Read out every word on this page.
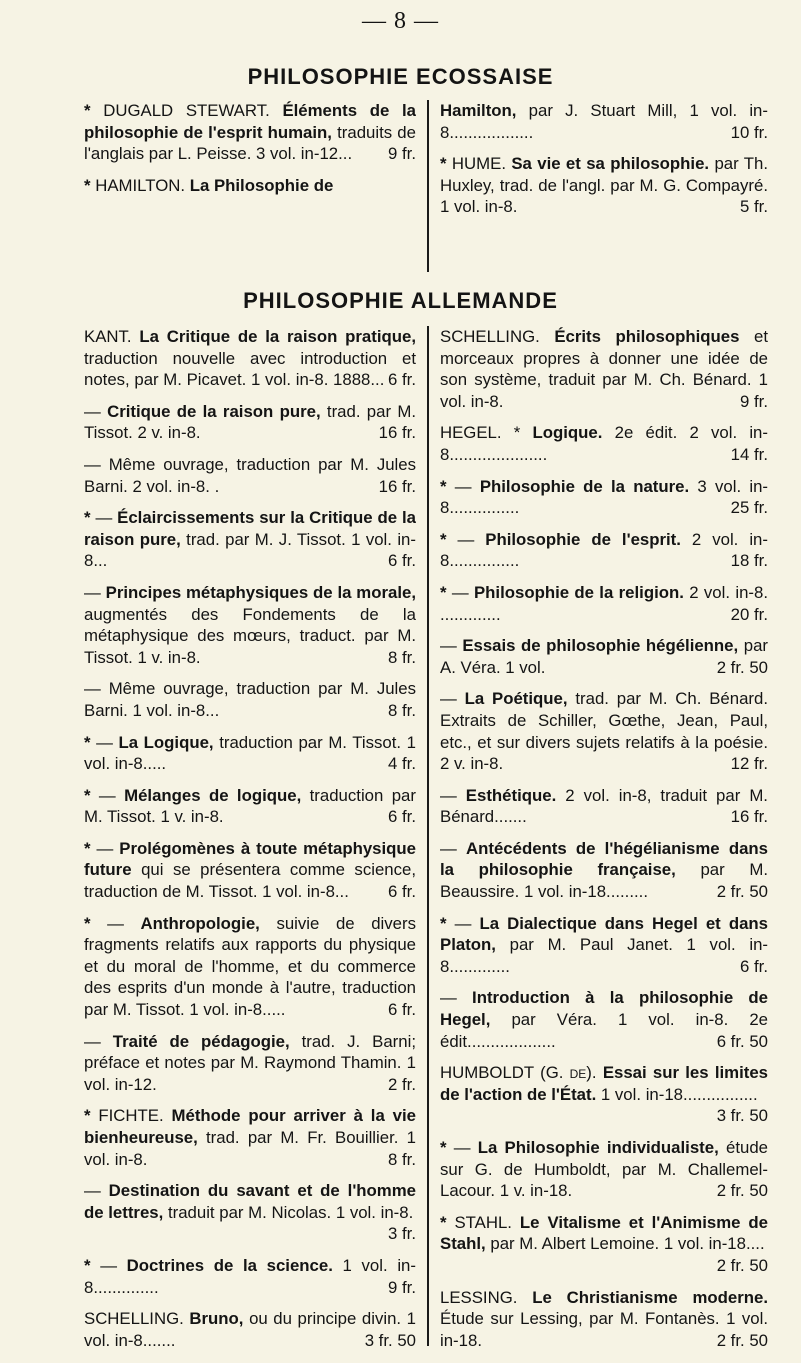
— 8 —
PHILOSOPHIE ECOSSAISE
* DUGALD STEWART. Éléments de la philosophie de l'esprit humain, traduits de l'anglais par L. Peisse. 3 vol. in-12... 9 fr.
* HAMILTON. La Philosophie de
Hamilton, par J. Stuart Mill, 1 vol. in-8..................	10 fr.
* HUME. Sa vie et sa philosophie. par Th. Huxley, trad. de l'angl. par M. G. Compayré. 1 vol. in-8.	5 fr.
PHILOSOPHIE ALLEMANDE
KANT. La Critique de la raison pratique, traduction nouvelle avec introduction et notes, par M. Picavet. 1 vol. in-8. 1888... 6 fr.
— Critique de la raison pure, trad. par M. Tissot. 2 v. in-8.	16 fr.
— Même ouvrage, traduction par M. Jules Barni. 2 vol. in-8. .	16 fr.
* — Éclaircissements sur la Critique de la raison pure, trad. par M. J. Tissot. 1 vol. in-8...	6 fr.
— Principes métaphysiques de la morale, augmentés des Fondements de la métaphysique des mœurs, traduct. par M. Tissot. 1 v. in-8.	8 fr.
— Même ouvrage, traduction par M. Jules Barni. 1 vol. in-8...	8 fr.
* — La Logique, traduction par M. Tissot. 1 vol. in-8.....	4 fr.
* — Mélanges de logique, traduction par M. Tissot. 1 v. in-8.	6 fr.
* — Prolégomènes à toute métaphysique future qui se présentera comme science, traduction de M. Tissot. 1 vol. in-8... 6 fr.
* — Anthropologie, suivie de divers fragments relatifs aux rapports du physique et du moral de l'homme, et du commerce des esprits d'un monde à l'autre, traduction par M. Tissot. 1 vol. in-8.....	6 fr.
— Traité de pédagogie, trad. J. Barni; préface et notes par M. Raymond Thamin. 1 vol. in-12.	2 fr.
* FICHTE. Méthode pour arriver à la vie bienheureuse, trad. par M. Fr. Bouillier. 1 vol. in-8.	8 fr.
— Destination du savant et de l'homme de lettres, traduit par M. Nicolas. 1 vol. in-8.
3 fr.
* — Doctrines de la science. 1 vol. in-8..............	9 fr.
SCHELLING. Bruno, ou du principe divin. 1 vol. in-8.......	3 fr. 50
SCHELLING. Écrits philosophiques et morceaux propres à donner une idée de son système, traduit par M. Ch. Bénard. 1 vol. in-8.	9 fr.
HEGEL. * Logique. 2e édit. 2 vol. in-8.....................	14 fr.
* — Philosophie de la nature. 3 vol. in-8...............	25 fr.
* — Philosophie de l'esprit. 2 vol. in-8...............	18 fr.
* — Philosophie de la religion. 2 vol. in-8. .............	20 fr.
— Essais de philosophie hégélienne, par A. Véra. 1 vol.	2 fr. 50
— La Poétique, trad. par M. Ch. Bénard. Extraits de Schiller, Gœthe, Jean, Paul, etc., et sur divers sujets relatifs à la poésie. 2 v. in-8.	12 fr.
— Esthétique. 2 vol. in-8, traduit par M. Bénard.......	16 fr.
— Antécédents de l'hégélianisme dans la philosophie française, par M. Beaussire. 1 vol. in-18.........	2 fr. 50
* — La Dialectique dans Hegel et dans Platon, par M. Paul Janet. 1 vol. in-8.............	6 fr.
— Introduction à la philosophie de Hegel, par Véra. 1 vol. in-8. 2e édit...................	6 fr. 50
HUMBOLDT (G. de). Essai sur les limites de l'action de l'État. 1 vol. in-18................
3 fr. 50
* — La Philosophie individualiste, étude sur G. de Humboldt, par M. Challemel-Lacour. 1 v. in-18.	2 fr. 50
* STAHL. Le Vitalisme et l'Animisme de Stahl, par M. Albert Lemoine. 1 vol. in-18....
2 fr. 50
LESSING. Le Christianisme moderne. Étude sur Lessing, par M. Fontanès. 1 vol. in-18.	2 fr. 50
